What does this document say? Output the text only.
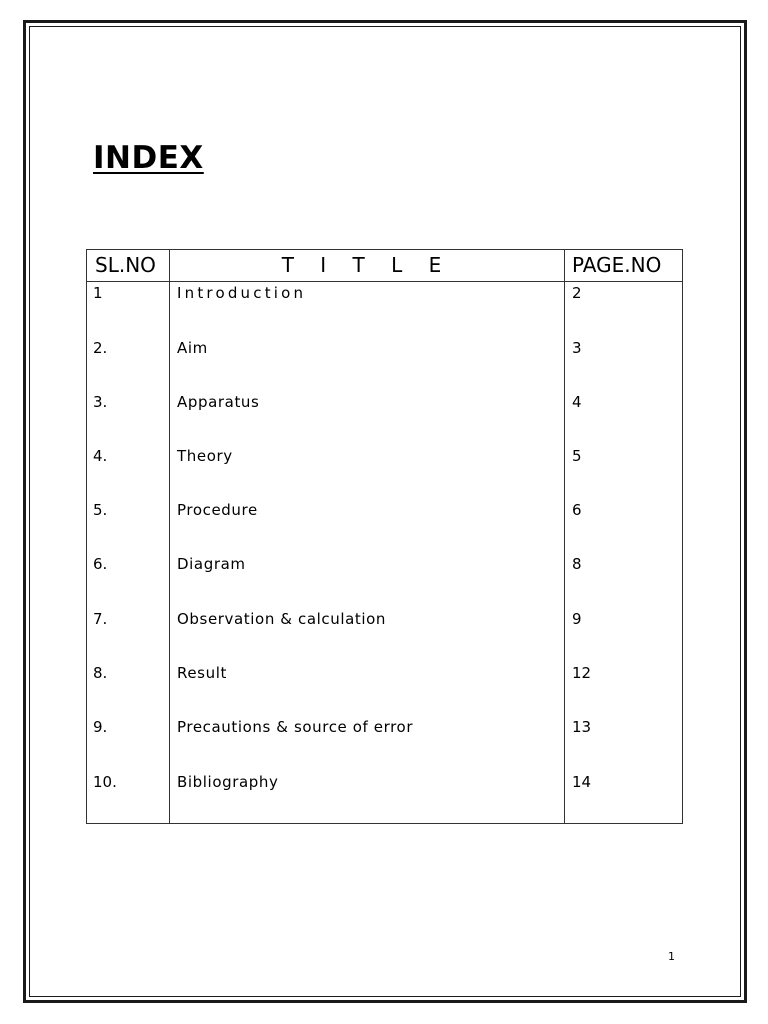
INDEX
SL.NO	T I T L E	PAGE.NO
1	Introduction	2
2.	Aim	3
3.	Apparatus	4
4.	Theory	5
5.	Procedure	6
6.	Diagram	8
7.	Observation & calculation	9
8.	Result	12
9.	Precautions & source of error	13
10.	Bibliography	14
1
